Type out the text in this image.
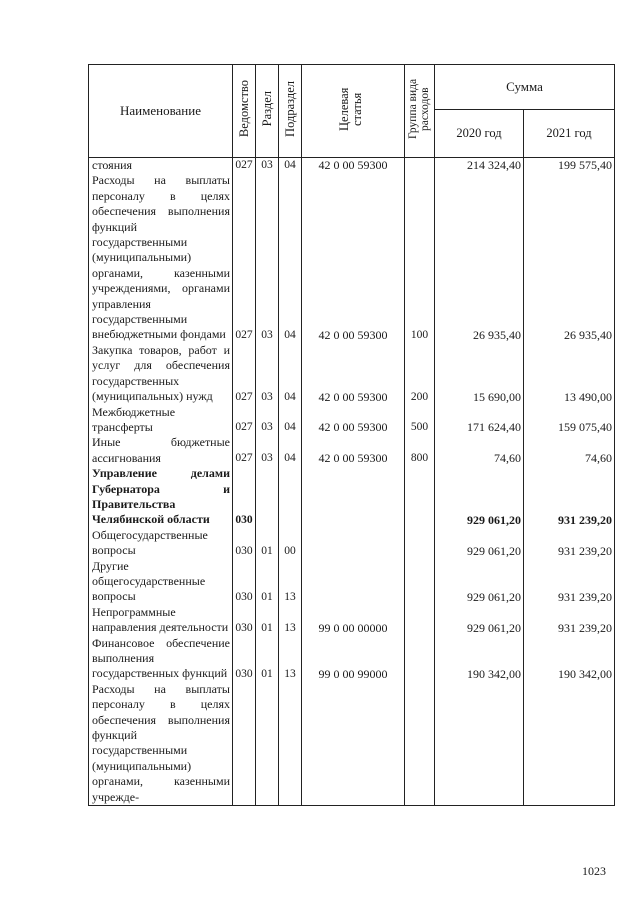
Наименование	Ведомство	Раздел	Подраздел	Целевая статья	Группа вида расходов	Сумма	
						2020 год	2021 год
стояния	027	03	04	42 0 00 59300		214 324,40	199 575,40
Расходы на выплаты персоналу в целях обеспечения выполнения функций государственными (муниципальными) органами, казенными учреждениями, органами управления государственными внебюджетными фондами	027	03	04	42 0 00 59300	100	26 935,40	26 935,40
Закупка товаров, работ и услуг для обеспечения государственных (муниципальных) нужд	027	03	04	42 0 00 59300	200	15 690,00	13 490,00
Межбюджетные трансферты	027	03	04	42 0 00 59300	500	171 624,40	159 075,40
Иные бюджетные ассигнования	027	03	04	42 0 00 59300	800	74,60	74,60
Управление делами Губернатора и Правительства Челябинской области	030					929 061,20	931 239,20
Общегосударственные вопросы	030	01	00			929 061,20	931 239,20
Другие общегосударственные вопросы	030	01	13			929 061,20	931 239,20
Непрограммные направления деятельности	030	01	13	99 0 00 00000		929 061,20	931 239,20
Финансовое обеспечение выполнения государственных функций	030	01	13	99 0 00 99000		190 342,00	190 342,00
Расходы на выплаты персоналу в целях обеспечения выполнения функций государственными (муниципальными) органами, казенными учрежде-							
1023
